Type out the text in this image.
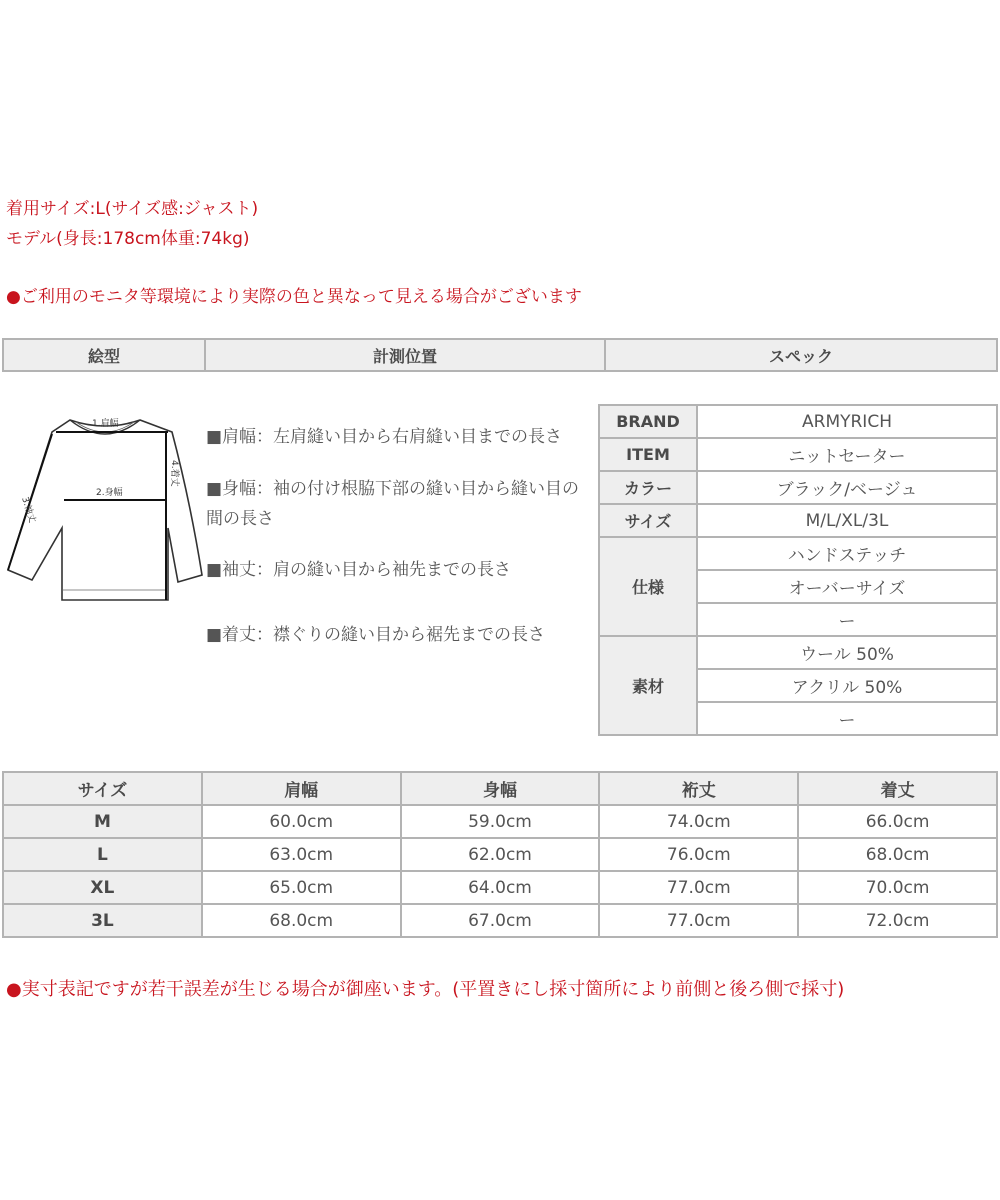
着用サイズ:L(サイズ感:ジャスト)
モデル(身長:178cm体重:74kg)
●ご利用のモニタ等環境により実際の色と異なって見える場合がございます
絵型	計測位置	スペック
1.肩幅
2.身幅
3.袖丈
4.着丈
■肩幅：左肩縫い目から右肩縫い目までの長さ
■身幅：袖の付け根脇下部の縫い目から縫い目の間の長さ
■袖丈：肩の縫い目から袖先までの長さ
■着丈：襟ぐりの縫い目から裾先までの長さ
BRAND	ARMYRICH
ITEM	ニットセーター
カラー	ブラック/ベージュ
サイズ	M/L/XL/3L
仕様	ハンドステッチ
	オーバーサイズ
	ー
素材	ウール 50%
	アクリル 50%
	ー
サイズ	肩幅	身幅	裄丈	着丈
M	60.0cm	59.0cm	74.0cm	66.0cm
L	63.0cm	62.0cm	76.0cm	68.0cm
XL	65.0cm	64.0cm	77.0cm	70.0cm
3L	68.0cm	67.0cm	77.0cm	72.0cm
●実寸表記ですが若干誤差が生じる場合が御座います。(平置きにし採寸箇所により前側と後ろ側で採寸)
